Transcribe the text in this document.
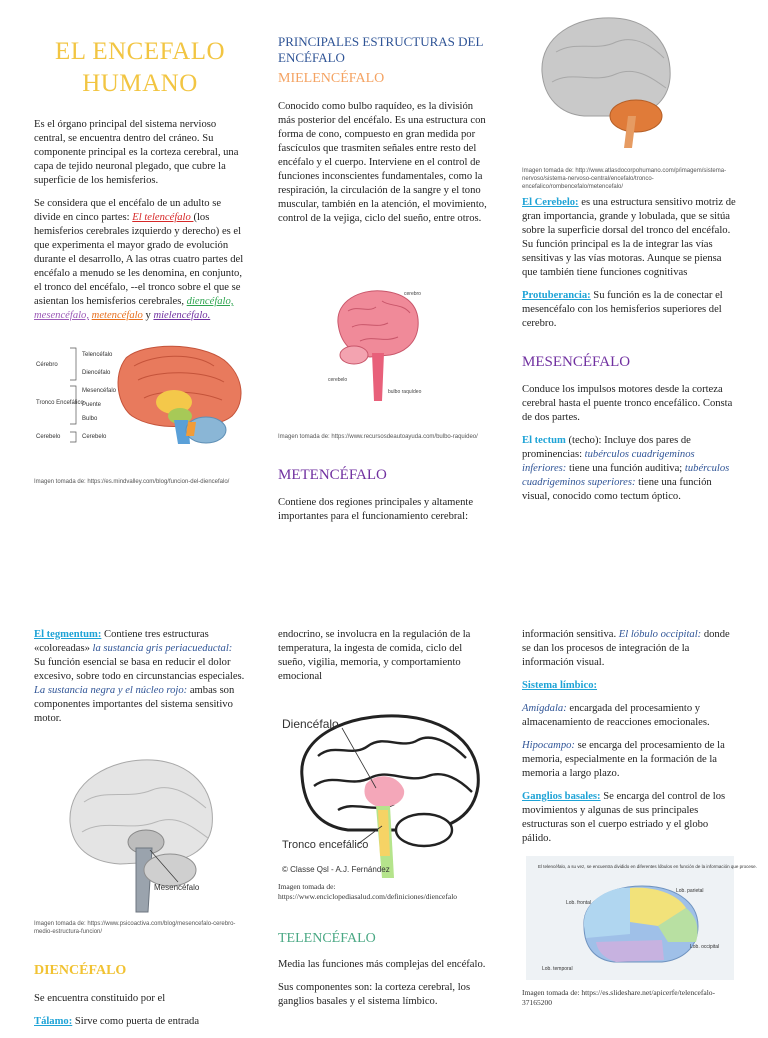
EL ENCEFALO HUMANO

Es el órgano principal del sistema nervioso central, se encuentra dentro del cráneo. Su componente principal es la corteza cerebral, una capa de tejido neuronal plegado, que cubre la superficie de los hemisferios.

Se considera que el encéfalo de un adulto se divide en cinco partes: El telencéfalo (los hemisferios cerebrales izquierdo y derecho) es el que experimenta el mayor grado de evolución durante el desarrollo, A las otras cuatro partes del encéfalo a menudo se les denomina, en conjunto, el tronco del encéfalo, --el tronco sobre el que se asientan los hemisferios cerebrales, diencéfalo, mesencéfalo, metencéfalo y mielencéfalo.

Telencéfalo
Diencéfalo
Mesencéfalo
Puente
Bulbo
Cerebelo
Cérebro
Tronco Encefálico
Cerebelo
Imagen tomada de: https://es.mindvalley.com/blog/funcion-del-diencefalo/
PRINCIPALES ESTRUCTURAS DEL ENCÉFALO
MIELENCÉFALO

Conocido como bulbo raquídeo, es la división más posterior del encéfalo. Es una estructura con forma de cono, compuesto en gran medida por fascículos que trasmiten señales entre resto del encéfalo y el cuerpo. Interviene en el control de funciones inconscientes fundamentales, como la respiración, la circulación de la sangre y el tono muscular, también en la atención, el movimiento, control de la vejiga, ciclo del sueño, entre otros.

cerebro
cerebelo
bulbo raquídeo
Imagen tomada de: https://www.recursosdeautoayuda.com/bulbo-raquideo/
METENCÉFALO

Contiene dos regiones principales y altamente importantes para el funcionamiento cerebral:

Imagen tomada de: http://www.atlasdocorpohumano.com/p/imagem/sistema-nervoso/sistema-nervoso-central/encefalo/tronco-encefalico/rombencefalo/metencefalo/

El Cerebelo: es una estructura sensitivo motriz de gran importancia, grande y lobulada, que se sitúa sobre la superficie dorsal del tronco del encéfalo. Su función principal es la de integrar las vías sensitivas y las vías motoras. Aunque se piensa que también tiene funciones cognitivas

Protuberancia: Su función es la de conectar el mesencéfalo con los hemisferios superiores del cerebro.

MESENCÉFALO

Conduce los impulsos motores desde la corteza cerebral hasta el puente tronco encefálico. Consta de dos partes.

El tectum (techo): Incluye dos pares de prominencias: tubérculos cuadrigeminos inferiores: tiene una función auditiva; tubérculos cuadrigeminos superiores: tiene una función visual, conocido como tectum óptico.

El tegmentum: Contiene tres estructuras «coloreadas» la sustancia gris periacueductal: Su función esencial se basa en reducir el dolor excesivo, sobre todo en circunstancias especiales. La sustancia negra y el núcleo rojo: ambas son componentes importantes del sistema sensitivo motor.

Mesencéfalo
Imagen tomada de: https://www.psicoactiva.com/blog/mesencefalo-cerebro-medio-estructura-funcion/
DIENCÉFALO

Se encuentra constituido por el

Tálamo: Sirve como puerta de entrada

endocrino, se involucra en la regulación de la temperatura, la ingesta de comida, ciclo del sueño, vigilia, memoria, y comportamiento emocional

Diencéfalo
Tronco encefálico
© Classe Qsl - A.J. Fernández
Imagen tomada de: https://www.enciclopediasalud.com/definiciones/diencefalo
TELENCÉFALO

Media las funciones más complejas del encéfalo.

Sus componentes son: la corteza cerebral, los ganglios basales y el sistema límbico.

información sensitiva. El lóbulo occipital: donde se dan los procesos de integración de la información visual.

Sistema límbico:

Amígdala: encargada del procesamiento y almacenamiento de reacciones emocionales.

Hipocampo: se encarga del procesamiento de la memoria, especialmente en la formación de la memoria a largo plazo.

Ganglios basales: Se encarga del control de los movimientos y algunas de sus principales estructuras son el cuerpo estriado y el globo pálido.

El telencéfalo, a su vez, se encuentra dividido en diferentes lóbulos en función de la información que procese.
Lob. frontal
Lob. parietal
Lob. occipital
Lob. temporal
Imagen tomada de: https://es.slideshare.net/apicerfe/telencefalo-37165200
